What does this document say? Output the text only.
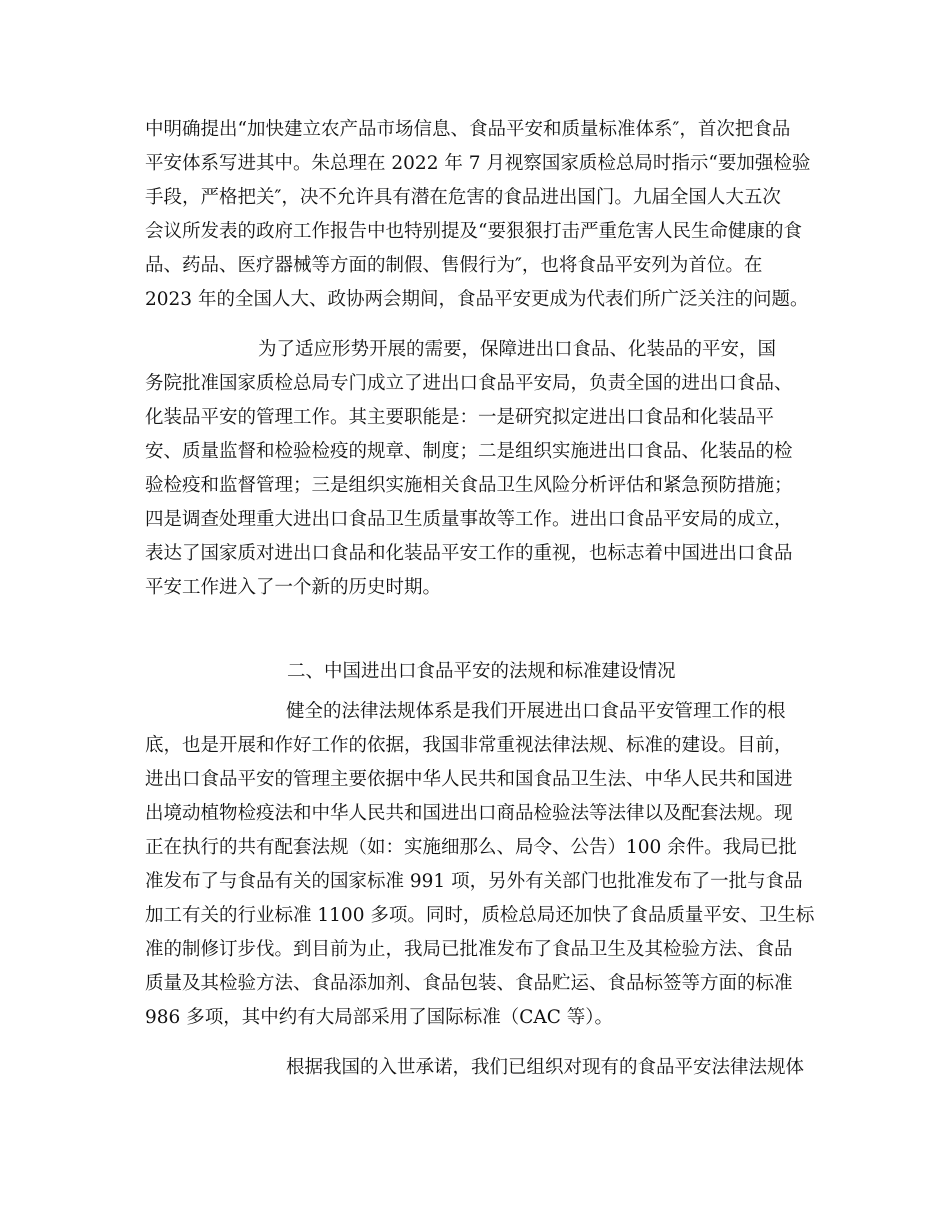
中明确提出“加快建立农产品市场信息、食品平安和质量标准体系″，首次把食品
平安体系写进其中。朱总理在 2022 年 7 月视察国家质检总局时指示“要加强检验
手段，严格把关″，决不允许具有潜在危害的食品进出国门。九届全国人大五次
会议所发表的政府工作报告中也特别提及“要狠狠打击严重危害人民生命健康的食
品、药品、医疗器械等方面的制假、售假行为″，也将食品平安列为首位。在
2023 年的全国人大、政协两会期间，食品平安更成为代表们所广泛关注的问题。
为了适应形势开展的需要，保障进出口食品、化装品的平安，国
务院批准国家质检总局专门成立了进出口食品平安局，负责全国的进出口食品、
化装品平安的管理工作。其主要职能是：一是研究拟定进出口食品和化装品平
安、质量监督和检验检疫的规章、制度；二是组织实施进出口食品、化装品的检
验检疫和监督管理；三是组织实施相关食品卫生风险分析评估和紧急预防措施；
四是调查处理重大进出口食品卫生质量事故等工作。进出口食品平安局的成立，
表达了国家质对进出口食品和化装品平安工作的重视，也标志着中国进出口食品
平安工作进入了一个新的历史时期。
二、中国进出口食品平安的法规和标准建设情况
健全的法律法规体系是我们开展进出口食品平安管理工作的根
底，也是开展和作好工作的依据，我国非常重视法律法规、标准的建设。目前，
进出口食品平安的管理主要依据中华人民共和国食品卫生法、中华人民共和国进
出境动植物检疫法和中华人民共和国进出口商品检验法等法律以及配套法规。现
正在执行的共有配套法规（如：实施细那么、局令、公告）100 余件。我局已批
准发布了与食品有关的国家标准 991 项，另外有关部门也批准发布了一批与食品
加工有关的行业标准 1100 多项。同时，质检总局还加快了食品质量平安、卫生标
准的制修订步伐。到目前为止，我局已批准发布了食品卫生及其检验方法、食品
质量及其检验方法、食品添加剂、食品包装、食品贮运、食品标签等方面的标准
986 多项，其中约有大局部采用了国际标准（CAC 等）。
根据我国的入世承诺，我们已组织对现有的食品平安法律法规体
